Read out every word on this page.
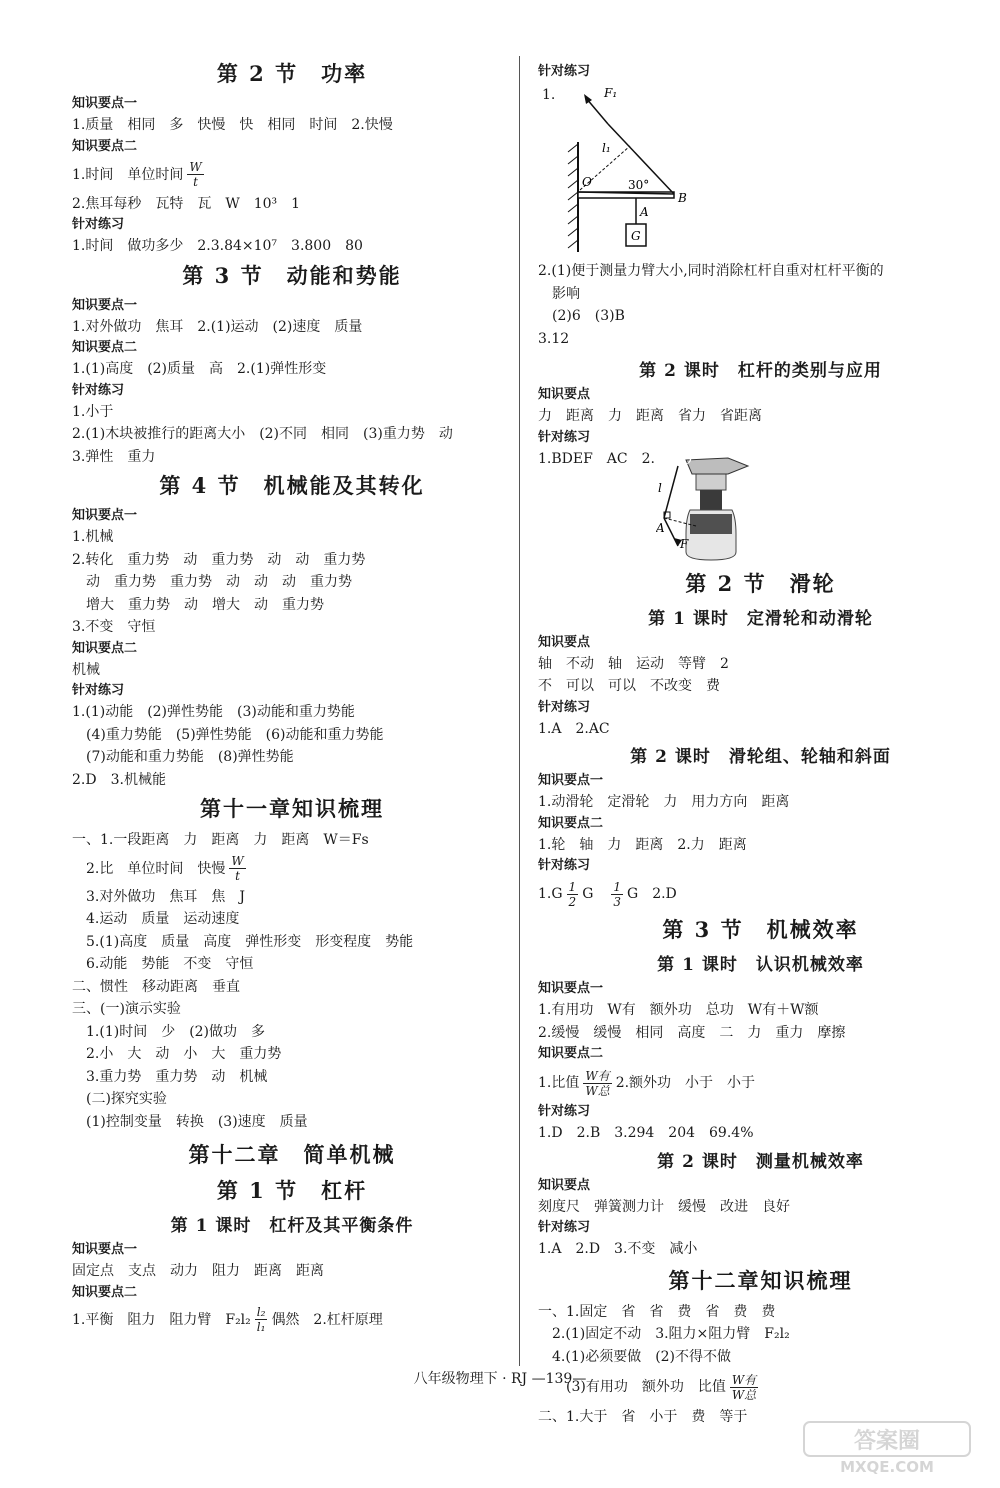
第 2 节　功率
知识要点一
1.质量　相同　多　快慢　快　相同　时间　2.快慢
知识要点二
1.时间　单位时间 $\frac{W}{t}$
2.焦耳每秒　瓦特　瓦　W　10³　1
针对练习
1.时间　做功多少　2.3.84×10⁷　3.800　80
第 3 节　动能和势能
知识要点一
1.对外做功　焦耳　2.(1)运动　(2)速度　质量
知识要点二
1.(1)高度　(2)质量　高　2.(1)弹性形变
针对练习
1.小于
2.(1)木块被推行的距离大小　(2)不同　相同　(3)重力势　动
3.弹性　重力
第 4 节　机械能及其转化
知识要点一
1.机械
2.转化　重力势　动　重力势　动　动　重力势
　动　重力势　重力势　动　动　动　重力势
　增大　重力势　动　增大　动　重力势
3.不变　守恒
知识要点二
机械
针对练习
1.(1)动能　(2)弹性势能　(3)动能和重力势能
　(4)重力势能　(5)弹性势能　(6)动能和重力势能
　(7)动能和重力势能　(8)弹性势能
2.D　3.机械能
第十一章知识梳理
一、1.一段距离　力　距离　力　距离　W＝Fs
　2.比　单位时间　快慢 $\frac{W}{t}$
　3.对外做功　焦耳　焦　J
　4.运动　质量　运动速度
　5.(1)高度　质量　高度　弹性形变　形变程度　势能
　6.动能　势能　不变　守恒
二、惯性　移动距离　垂直
三、(一)演示实验
　1.(1)时间　少　(2)做功　多
　2.小　大　动　小　大　重力势
　3.重力势　重力势　动　机械
　(二)探究实验
　(1)控制变量　转换　(3)速度　质量
第十二章　简单机械
第 1 节　杠杆
第 1 课时　杠杆及其平衡条件
知识要点一
固定点　支点　动力　阻力　距离　距离
知识要点二
1.平衡　阻力　阻力臂　$F_2l_2 \frac{\text{l₂}}{\text{l₁}}$ 偶然　2.杠杆原理
针对练习
1.	F₁
l₁
O	30°
B
A
G
2.(1)便于测量力臂大小,同时消除杠杆自重对杠杆平衡的
　影响
　(2)6　(3)B
3.12
第 2 课时　杠杆的类别与应用
知识要点
力　距离　力　距离　省力　省距离
针对练习
1.BDEF　AC　2. O
l
A
F
第 2 节　滑轮
第 1 课时　定滑轮和动滑轮
知识要点
轴　不动　轴　运动　等臂　2
不　可以　可以　不改变　费
针对练习
1.A　2.AC
第 2 课时　滑轮组、轮轴和斜面
知识要点一
1.动滑轮　定滑轮　力　用力方向　距离
知识要点二
1.轮　轴　力　距离　2.力　距离
针对练习
$1.G \frac{1}{2}$ G　 $\frac{1}{3}$ G　2.D
第 3 节　机械效率
第 1 课时　认识机械效率
知识要点一
1.有用功　W有　额外功　总功　W有＋W额
2.缓慢　缓慢　相同　高度　二　力　重力　摩擦
知识要点二
1.比值 $\frac{\text{W有}}{\text{W总}} 2$.额外功　小于　小于
针对练习
1.D　2.B　3.294　204　69.4%
第 2 课时　测量机械效率
知识要点
刻度尺　弹簧测力计　缓慢　改进　良好
针对练习
1.A　2.D　3.不变　减小
第十二章知识梳理
一、1.固定　省　省　费　省　费　费
　2.(1)固定不动　3.阻力×阻力臂　F₂l₂
　4.(1)必须要做　(2)不得不做
　　(3)有用功　额外功　比值 $\frac{\text{W有}}{\text{W总}}$
二、1.大于　省　小于　费　等于
八年级物理下 · RJ —139—
答案圈
MXQE.COM
